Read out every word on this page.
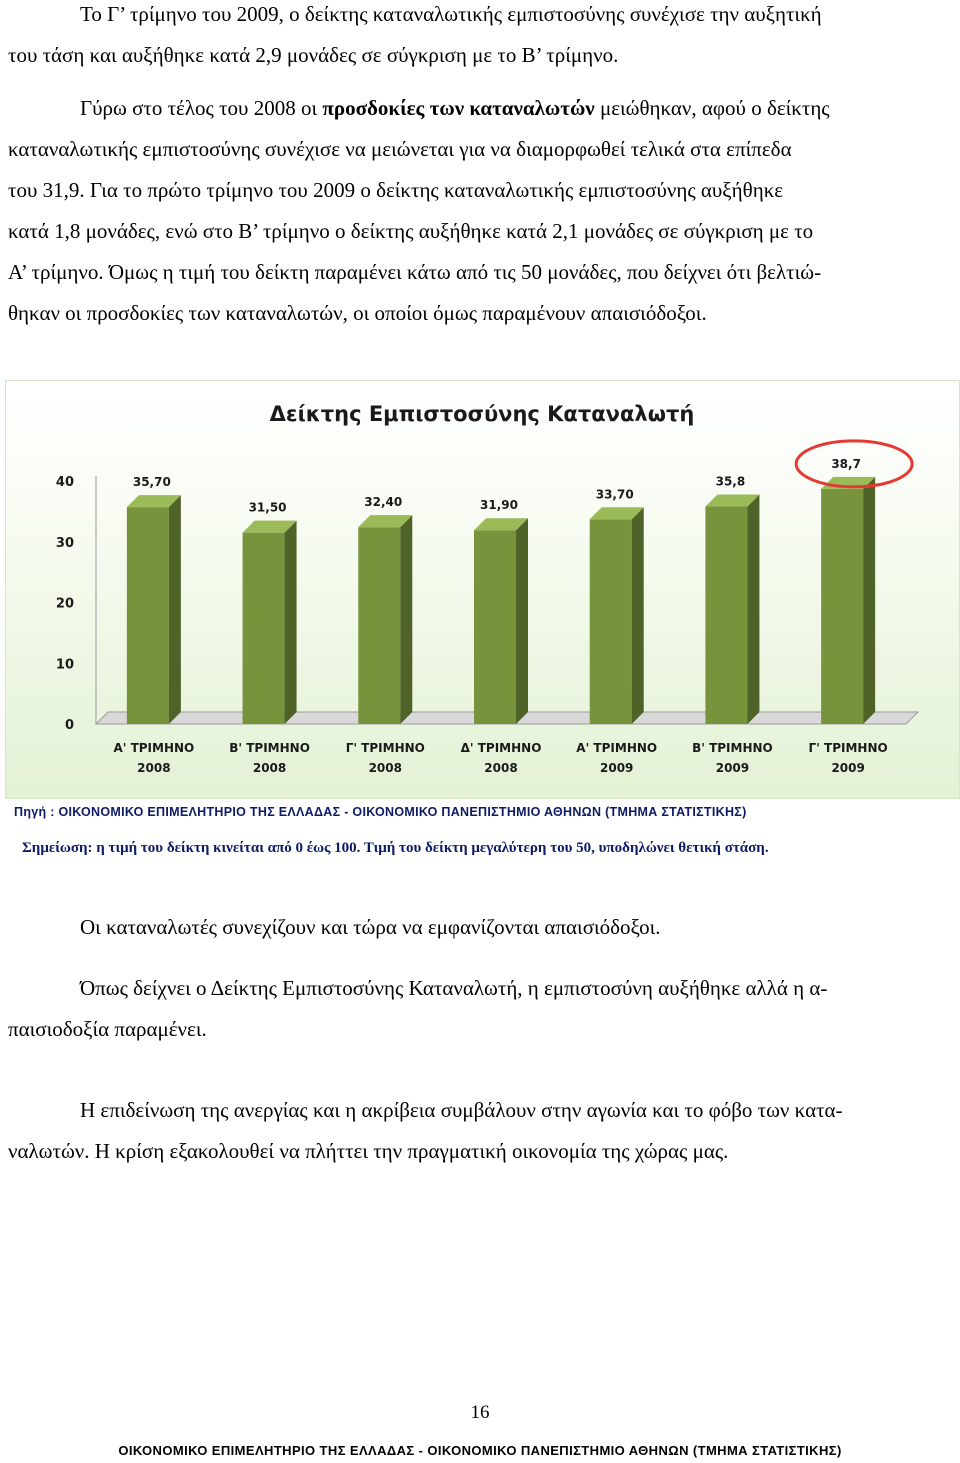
Το Γ’ τρίμηνο του 2009, ο δείκτης καταναλωτικής εμπιστοσύνης συνέχισε την αυξητική
του τάση και αυξήθηκε κατά 2,9 μονάδες σε σύγκριση με το Β’ τρίμηνο.
Γύρω στο τέλος του 2008 οι προσδοκίες των καταναλωτών μειώθηκαν, αφού ο δείκτης
καταναλωτικής εμπιστοσύνης συνέχισε να μειώνεται για να διαμορφωθεί τελικά στα επίπεδα
του 31,9. Για το πρώτο τρίμηνο του 2009 ο δείκτης καταναλωτικής εμπιστοσύνης αυξήθηκε
κατά 1,8 μονάδες, ενώ στο Β’ τρίμηνο ο δείκτης αυξήθηκε κατά 2,1 μονάδες σε σύγκριση με το
Α’ τρίμηνο. Όμως η τιμή του δείκτη παραμένει κάτω από τις 50 μονάδες, που δείχνει ότι βελτιώ-
θηκαν οι προσδοκίες των καταναλωτών, οι οποίοι όμως παραμένουν απαισιόδοξοι.
Δείκτης Εμπιστοσύνης Καταναλωτή
0
10
20
30
40	35,70
Α' ΤΡΙΜΗΝΟ
2008
31,50
Β' ΤΡΙΜΗΝΟ
2008
32,40
Γ' ΤΡΙΜΗΝΟ
2008
31,90
Δ' ΤΡΙΜΗΝΟ
2008
33,70
Α' ΤΡΙΜΗΝΟ
2009
35,8
Β' ΤΡΙΜΗΝΟ
2009
38,7
Γ' ΤΡΙΜΗΝΟ
2009
Πηγή : ΟΙΚΟΝΟΜΙΚΟ ΕΠΙΜΕΛΗΤΗΡΙΟ ΤΗΣ ΕΛΛΑΔΑΣ - ΟΙΚΟΝΟΜΙΚΟ ΠΑΝΕΠΙΣΤΗΜΙΟ ΑΘΗΝΩΝ (ΤΜΗΜΑ ΣΤΑΤΙΣΤΙΚΗΣ)
Σημείωση: η τιμή του δείκτη κινείται από 0 έως 100. Τιμή του δείκτη μεγαλύτερη του 50, υποδηλώνει θετική στάση.
Οι καταναλωτές συνεχίζουν και τώρα να εμφανίζονται απαισιόδοξοι.
Όπως δείχνει ο Δείκτης Εμπιστοσύνης Καταναλωτή, η εμπιστοσύνη αυξήθηκε αλλά η α-
παισιοδοξία παραμένει.
Η επιδείνωση της ανεργίας και η ακρίβεια συμβάλουν στην αγωνία και το φόβο των κατα-
ναλωτών. Η κρίση εξακολουθεί να πλήττει την πραγματική οικονομία της χώρας μας.
16
ΟΙΚΟΝΟΜΙΚΟ ΕΠΙΜΕΛΗΤΗΡΙΟ ΤΗΣ ΕΛΛΑΔΑΣ - ΟΙΚΟΝΟΜΙΚΟ ΠΑΝΕΠΙΣΤΗΜΙΟ ΑΘΗΝΩΝ (ΤΜΗΜΑ ΣΤΑΤΙΣΤΙΚΗΣ)
